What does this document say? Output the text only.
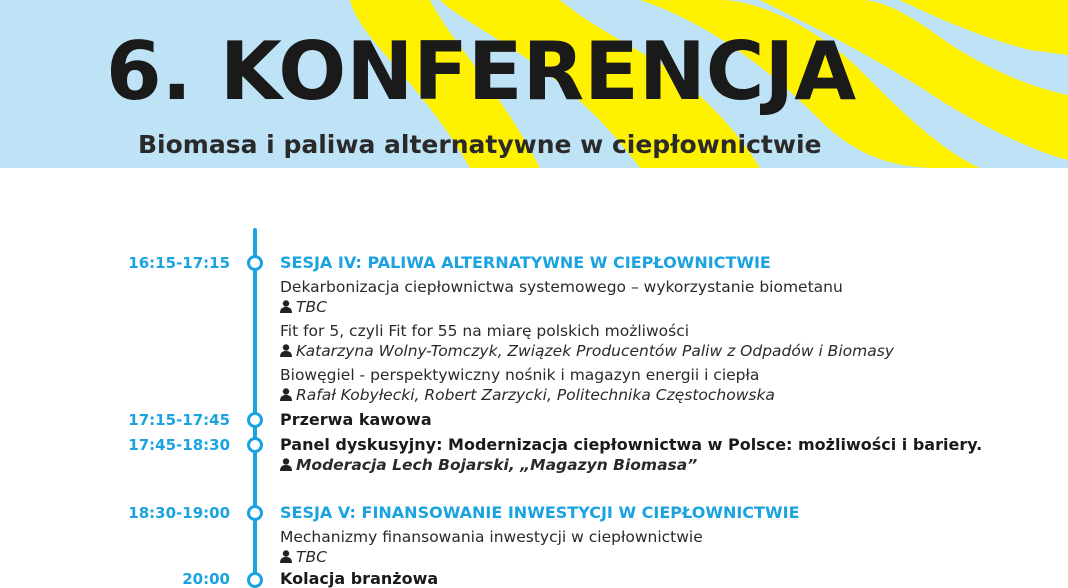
6. KONFERENCJA
Biomasa i paliwa alternatywne w ciepłownictwie
16:15-17:15	SESJA IV: PALIWA ALTERNATYWNE W CIEPŁOWNICTWIE
Dekarbonizacja ciepłownictwa systemowego – wykorzystanie biometanu
TBC
Fit for 5, czyli Fit for 55 na miarę polskich możliwości
Katarzyna Wolny-Tomczyk, Związek Producentów Paliw z Odpadów i Biomasy
Biowęgiel - perspektywiczny nośnik i magazyn energii i ciepła
Rafał Kobyłecki, Robert Zarzycki, Politechnika Częstochowska
17:15-17:45	Przerwa kawowa
17:45-18:30	Panel dyskusyjny: Modernizacja ciepłownictwa w Polsce: możliwości i bariery.
Moderacja Lech Bojarski, „Magazyn Biomasa”
18:30-19:00	SESJA V: FINANSOWANIE INWESTYCJI W CIEPŁOWNICTWIE
Mechanizmy finansowania inwestycji w ciepłownictwie
TBC
20:00	Kolacja branżowa
